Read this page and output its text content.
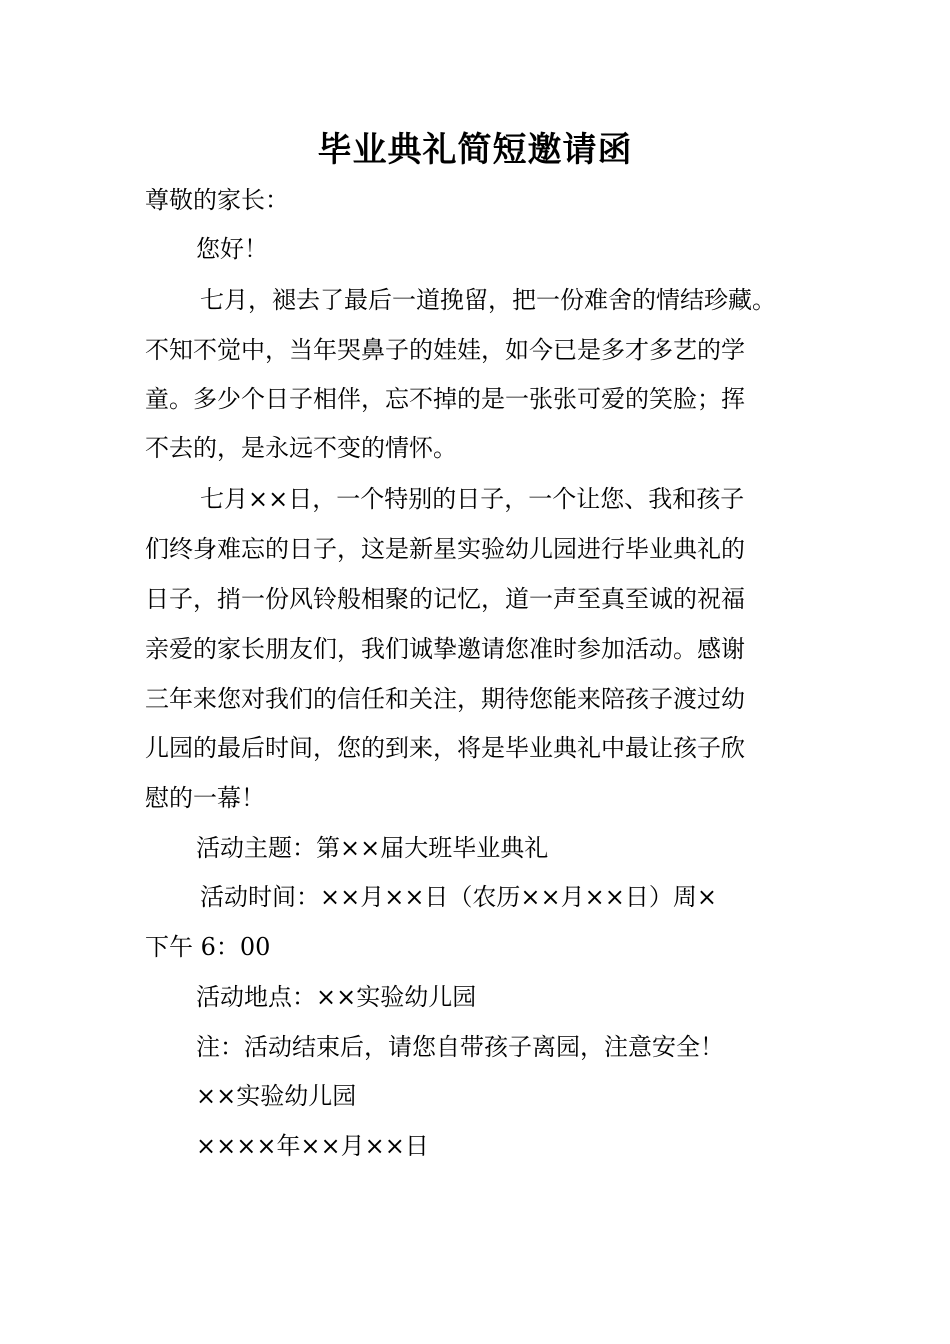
毕业典礼简短邀请函
尊敬的家长：
您好！
七月，褪去了最后一道挽留，把一份难舍的情结珍藏。
不知不觉中，当年哭鼻子的娃娃，如今已是多才多艺的学
童。多少个日子相伴，忘不掉的是一张张可爱的笑脸；挥
不去的，是永远不变的情怀。
七月××日，一个特别的日子，一个让您、我和孩子
们终身难忘的日子，这是新星实验幼儿园进行毕业典礼的
日子，捎一份风铃般相聚的记忆，道一声至真至诚的祝福
亲爱的家长朋友们，我们诚挚邀请您准时参加活动。感谢
三年来您对我们的信任和关注，期待您能来陪孩子渡过幼
儿园的最后时间，您的到来，将是毕业典礼中最让孩子欣
慰的一幕！
活动主题：第××届大班毕业典礼
活动时间：××月××日（农历××月××日）周×
下午 6：00
活动地点：××实验幼儿园
注：活动结束后，请您自带孩子离园，注意安全！
××实验幼儿园
××××年××月××日
